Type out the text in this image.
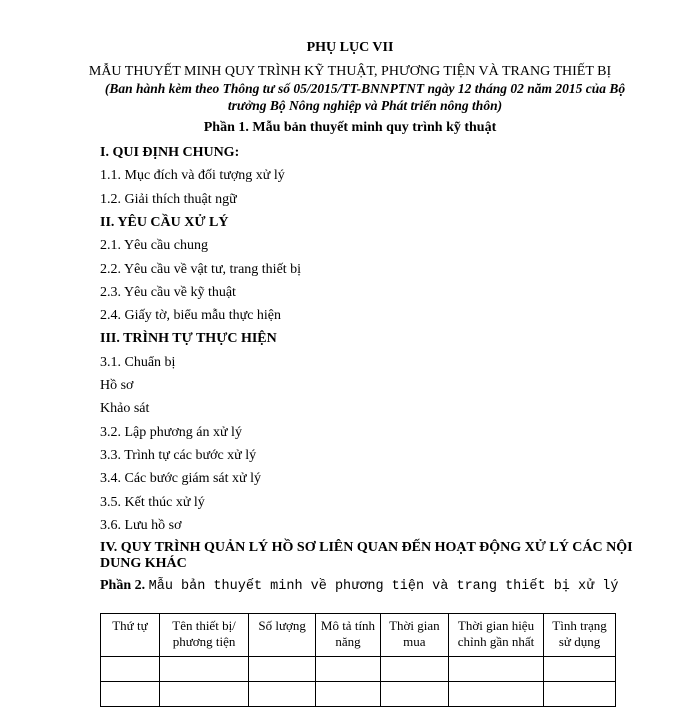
PHỤ LỤC VII
MẪU THUYẾT MINH QUY TRÌNH KỸ THUẬT, PHƯƠNG TIỆN VÀ TRANG THIẾT BỊ
(Ban hành kèm theo Thông tư số 05/2015/TT-BNNPTNT ngày 12 tháng 02 năm 2015 của Bộ trưởng Bộ Nông nghiệp và Phát triển nông thôn)
Phần 1. Mẫu bản thuyết minh quy trình kỹ thuật
I. QUI ĐỊNH CHUNG:
1.1. Mục đích và đối tượng xử lý
1.2. Giải thích thuật ngữ
II. YÊU CẦU XỬ LÝ
2.1. Yêu cầu chung
2.2. Yêu cầu về vật tư, trang thiết bị
2.3. Yêu cầu về kỹ thuật
2.4. Giấy tờ, biểu mẫu thực hiện
III. TRÌNH TỰ THỰC HIỆN
3.1. Chuẩn bị
Hồ sơ
Khảo sát
3.2. Lập phương án xử lý
3.3. Trình tự các bước xử lý
3.4. Các bước giám sát xử lý
3.5. Kết thúc xử lý
3.6. Lưu hồ sơ
IV. QUY TRÌNH QUẢN LÝ HỒ SƠ LIÊN QUAN ĐẾN HOẠT ĐỘNG XỬ LÝ CÁC NỘI DUNG KHÁC
Phần 2. Mẫu bản thuyết minh về phương tiện và trang thiết bị xử lý
Thứ tự	Tên thiết bị/ phương tiện	Số lượng	Mô tả tính năng	Thời gian mua	Thời gian hiệu chỉnh gần nhất	Tình trạng sử dụng
